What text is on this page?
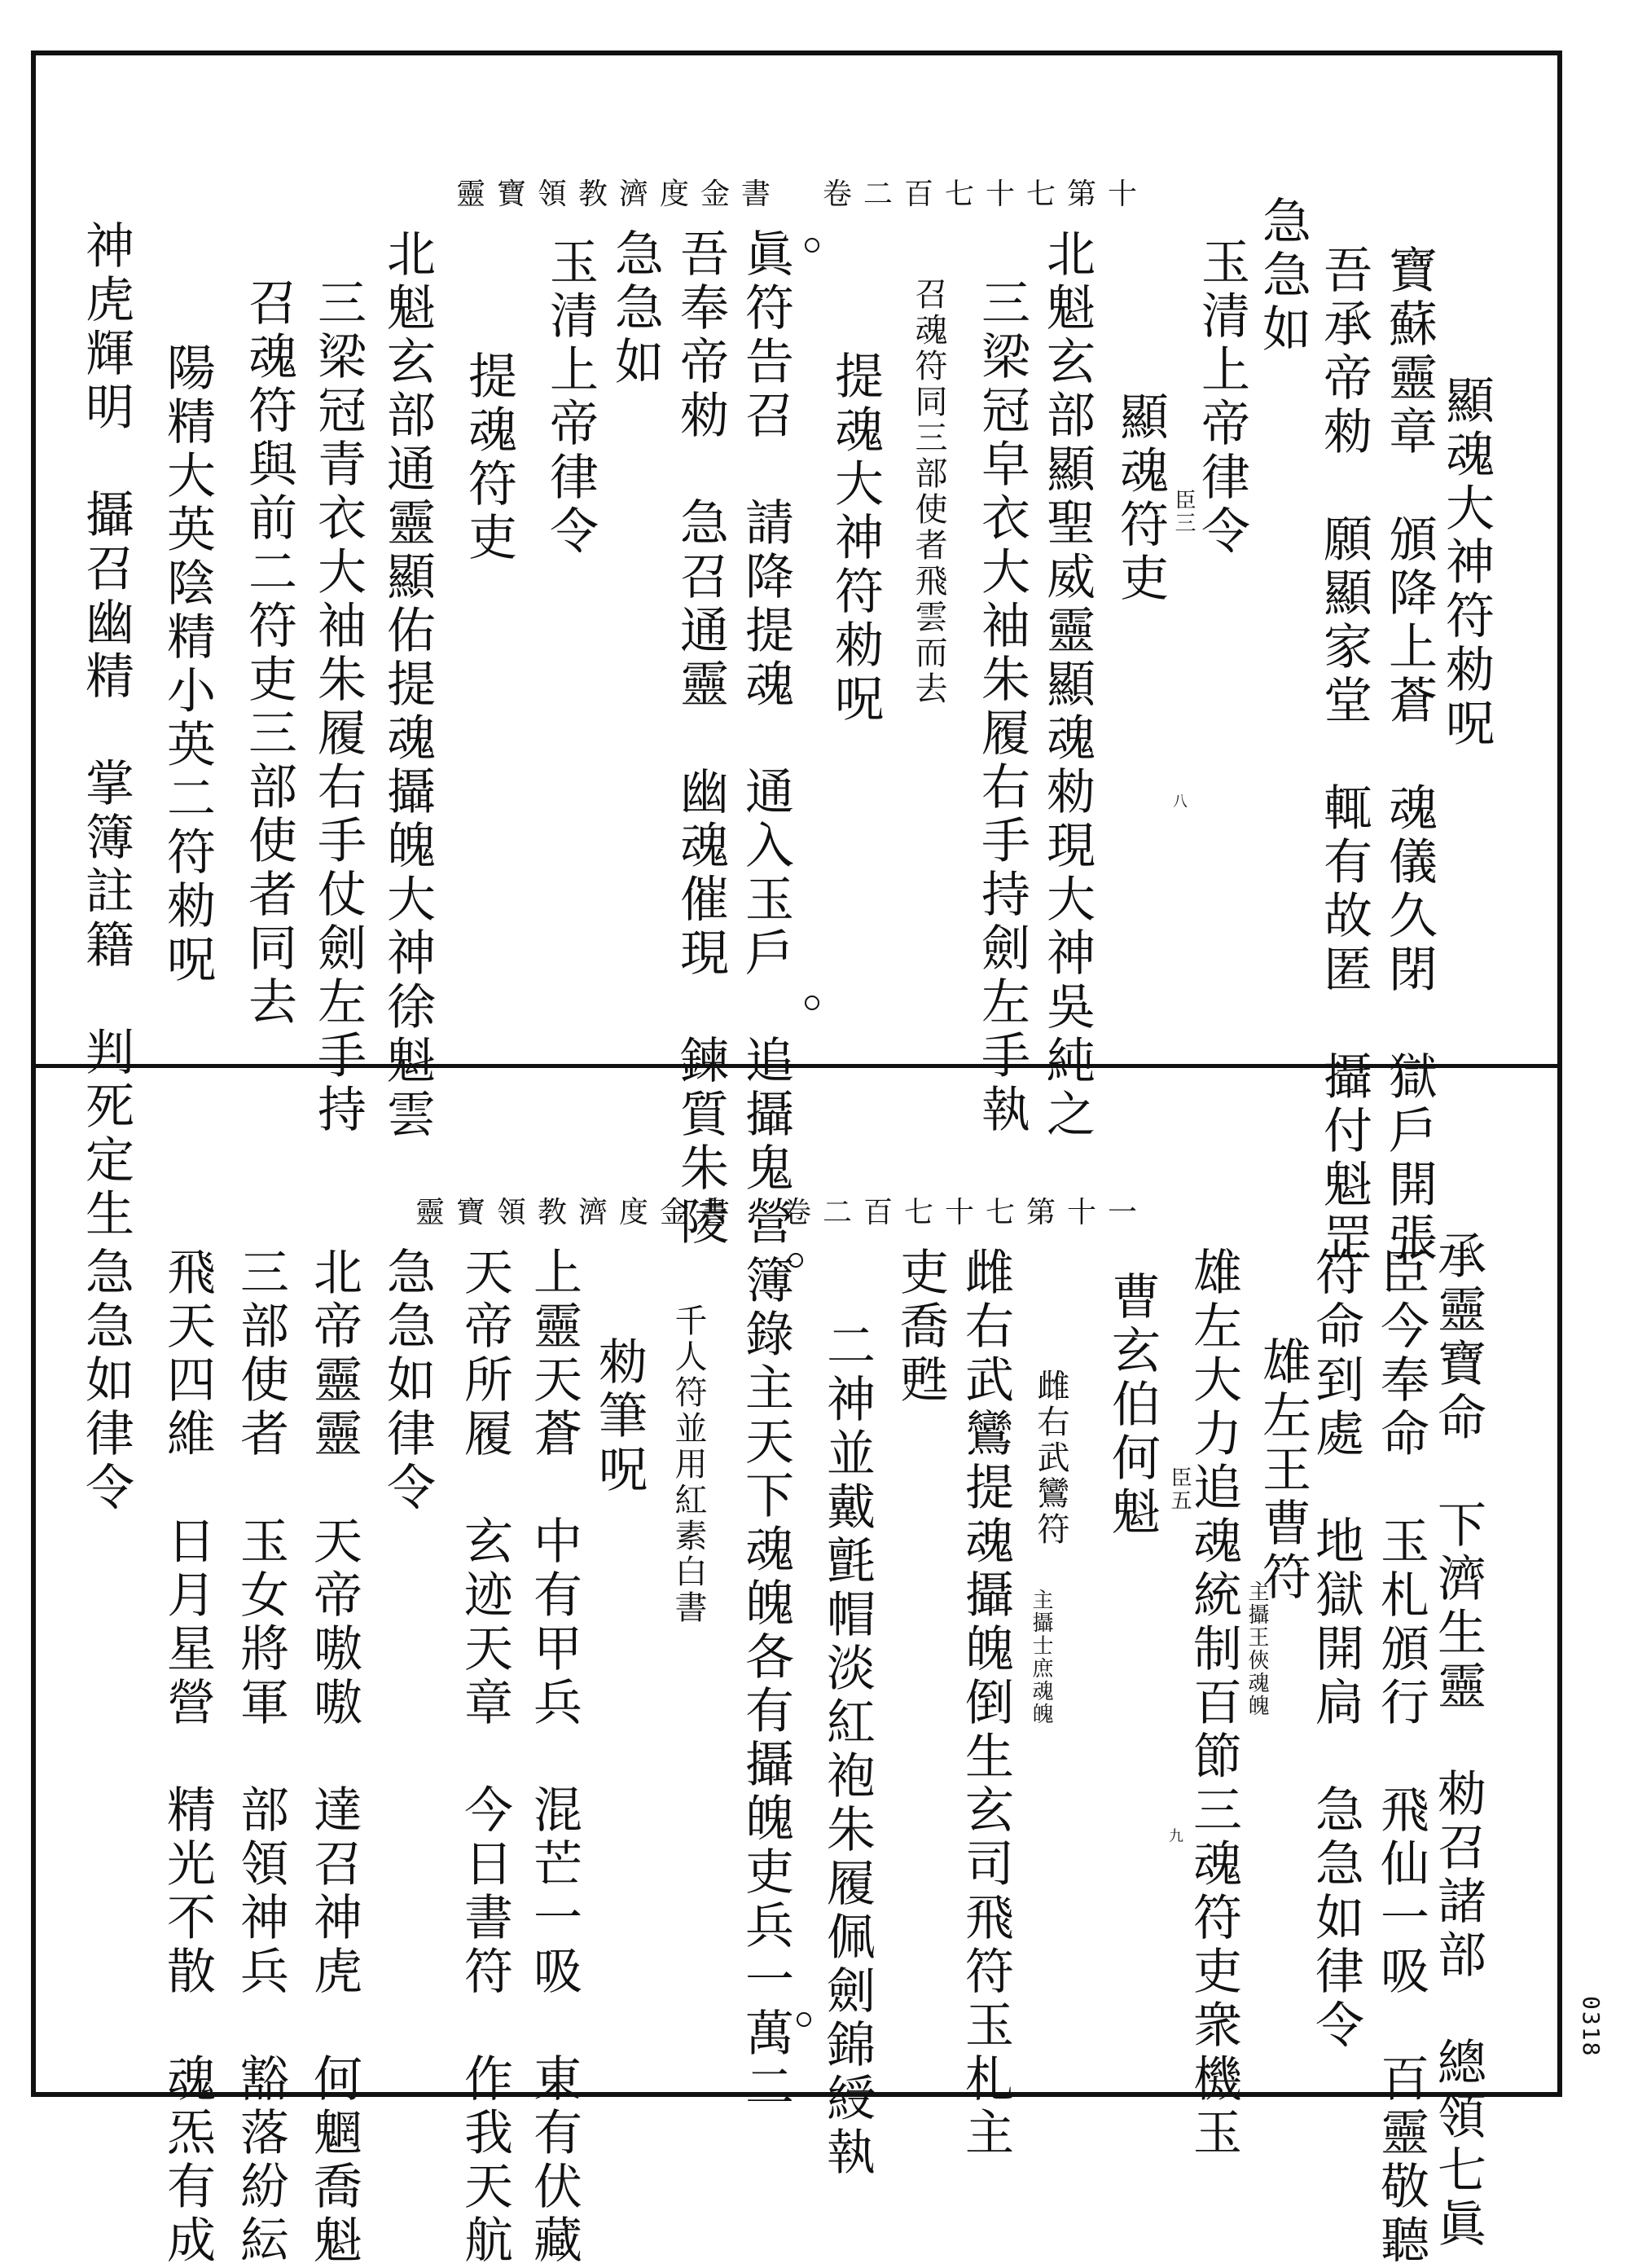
靈寶領教濟度金書　卷二百七十七第十
八
顯魂大神符勑呪
寶蘇靈章　頒降上蒼　魂儀久閉　獄戶開張
吾承帝勑　願顯家堂　輒有故匿　攝付魁罡
急急如
玉清上帝律令
臣三
顯魂符吏
北魁玄部顯聖威靈顯魂勑現大神吳純之
三梁冠皁衣大袖朱履右手持劍左手執
召魂符同三部使者飛雲而去
提魂大神符勑呪
眞符告召　請降提魂　通入玉戶　追攝鬼營
吾奉帝勑　急召通靈　幽魂催現　鍊質朱陵
急急如
玉清上帝律令
提魂符吏
北魁玄部通靈顯佑提魂攝魄大神徐魁雲
三梁冠青衣大袖朱履右手仗劍左手持
召魂符與前二符吏三部使者同去
陽精大英陰精小英二符勑呪
神虎輝明　攝召幽精　掌簿註籍　判死定生	靈寶領教濟度金書　卷二百七十七第十一
九	承靈寶命　下濟生靈　勑召諸部　總領七眞
臣今奉命　玉札頒行　飛仙一吸　百靈敬聽
符命到處　地獄開扃　急急如律令
雄左王曹符
主攝王俠魂魄
雄左大力追魂統制百節三魂符吏衆機玉
臣五
曹玄伯何魁
雌右武鸞符
主攝士庶魂魄
雌右武鸞提魂攝魄倒生玄司飛符玉札主
吏喬甦
二神並戴氈帽淡紅袍朱履佩劍錦綬執
簿錄主天下魂魄各有攝魄吏兵一萬二
千人符並用紅素白書
勑筆呪
上靈天蒼　中有甲兵　混芒一吸　東有伏藏
天帝所履　玄迹天章　今日書符　作我天航
急急如律令
北帝靈靈　天帝嗷嗷　達召神虎　何魍喬魁
三部使者　玉女將軍　部領神兵　豁落紛紜
飛天四維　日月星營　精光不散　魂炁有成
急急如律令
0318
